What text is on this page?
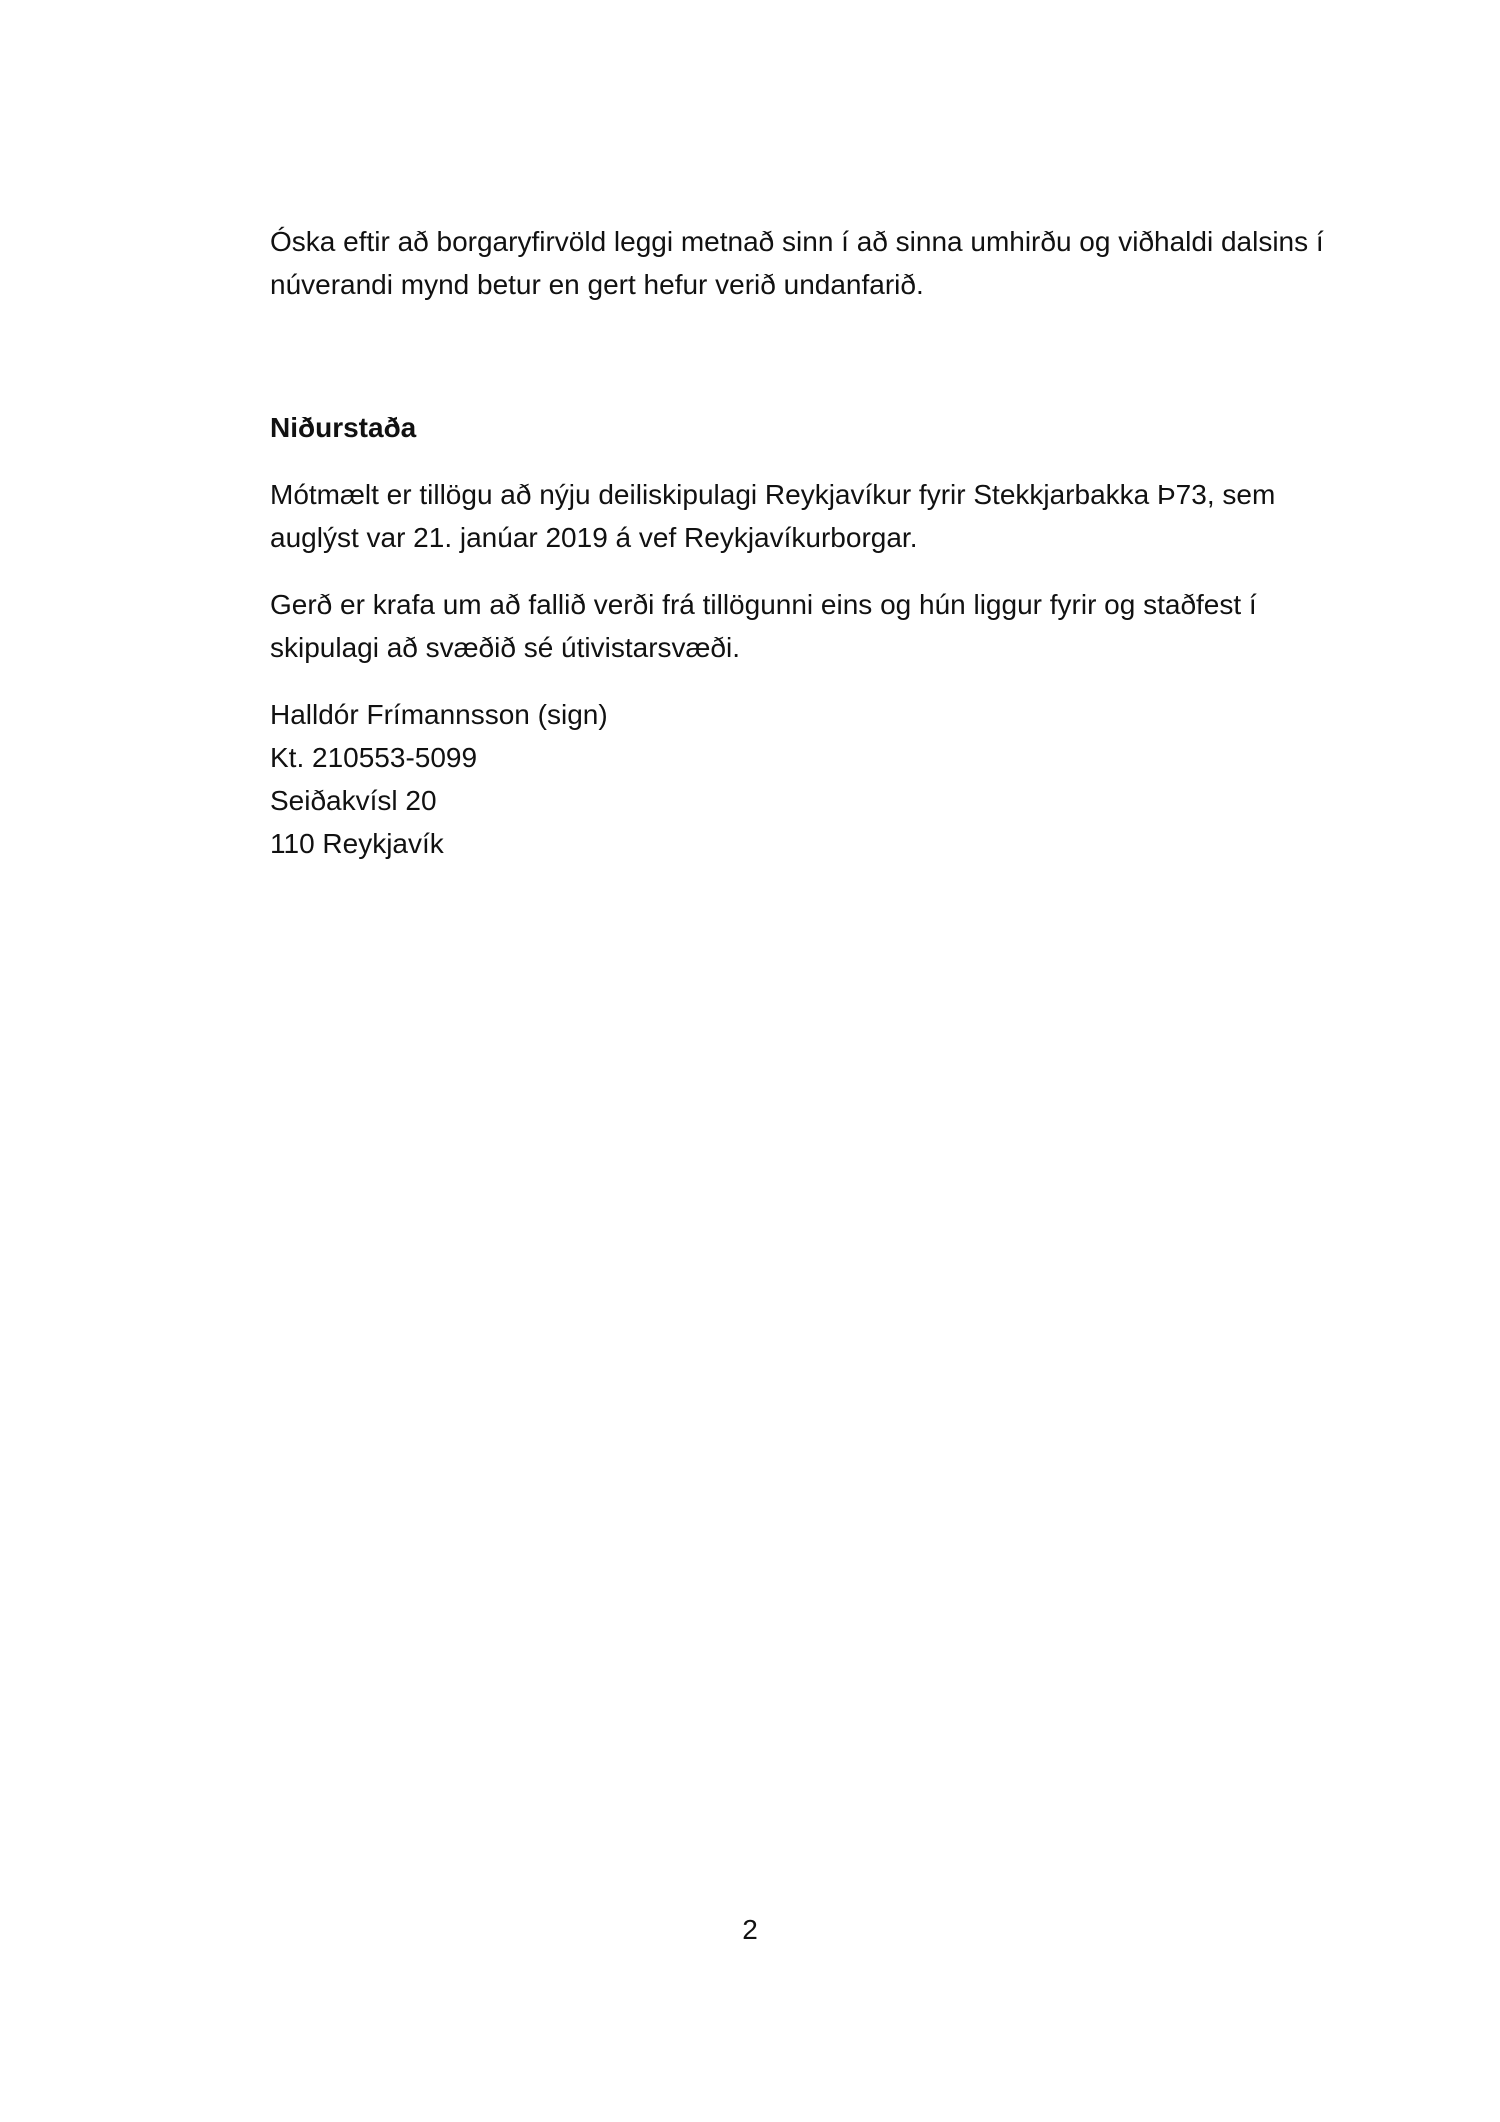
Óska eftir að borgaryfirvöld leggi metnað sinn í að sinna umhirðu og viðhaldi dalsins í
núverandi mynd betur en gert hefur verið undanfarið.

Niðurstaða

Mótmælt er tillögu að nýju deiliskipulagi Reykjavíkur fyrir Stekkjarbakka Þ73, sem
auglýst var 21. janúar 2019 á vef Reykjavíkurborgar.

Gerð er krafa um að fallið verði frá tillögunni eins og hún liggur fyrir og staðfest í
skipulagi að svæðið sé útivistarsvæði.

Halldór Frímannsson (sign)
Kt. 210553-5099
Seiðakvísl 20
110 Reykjavík
2
